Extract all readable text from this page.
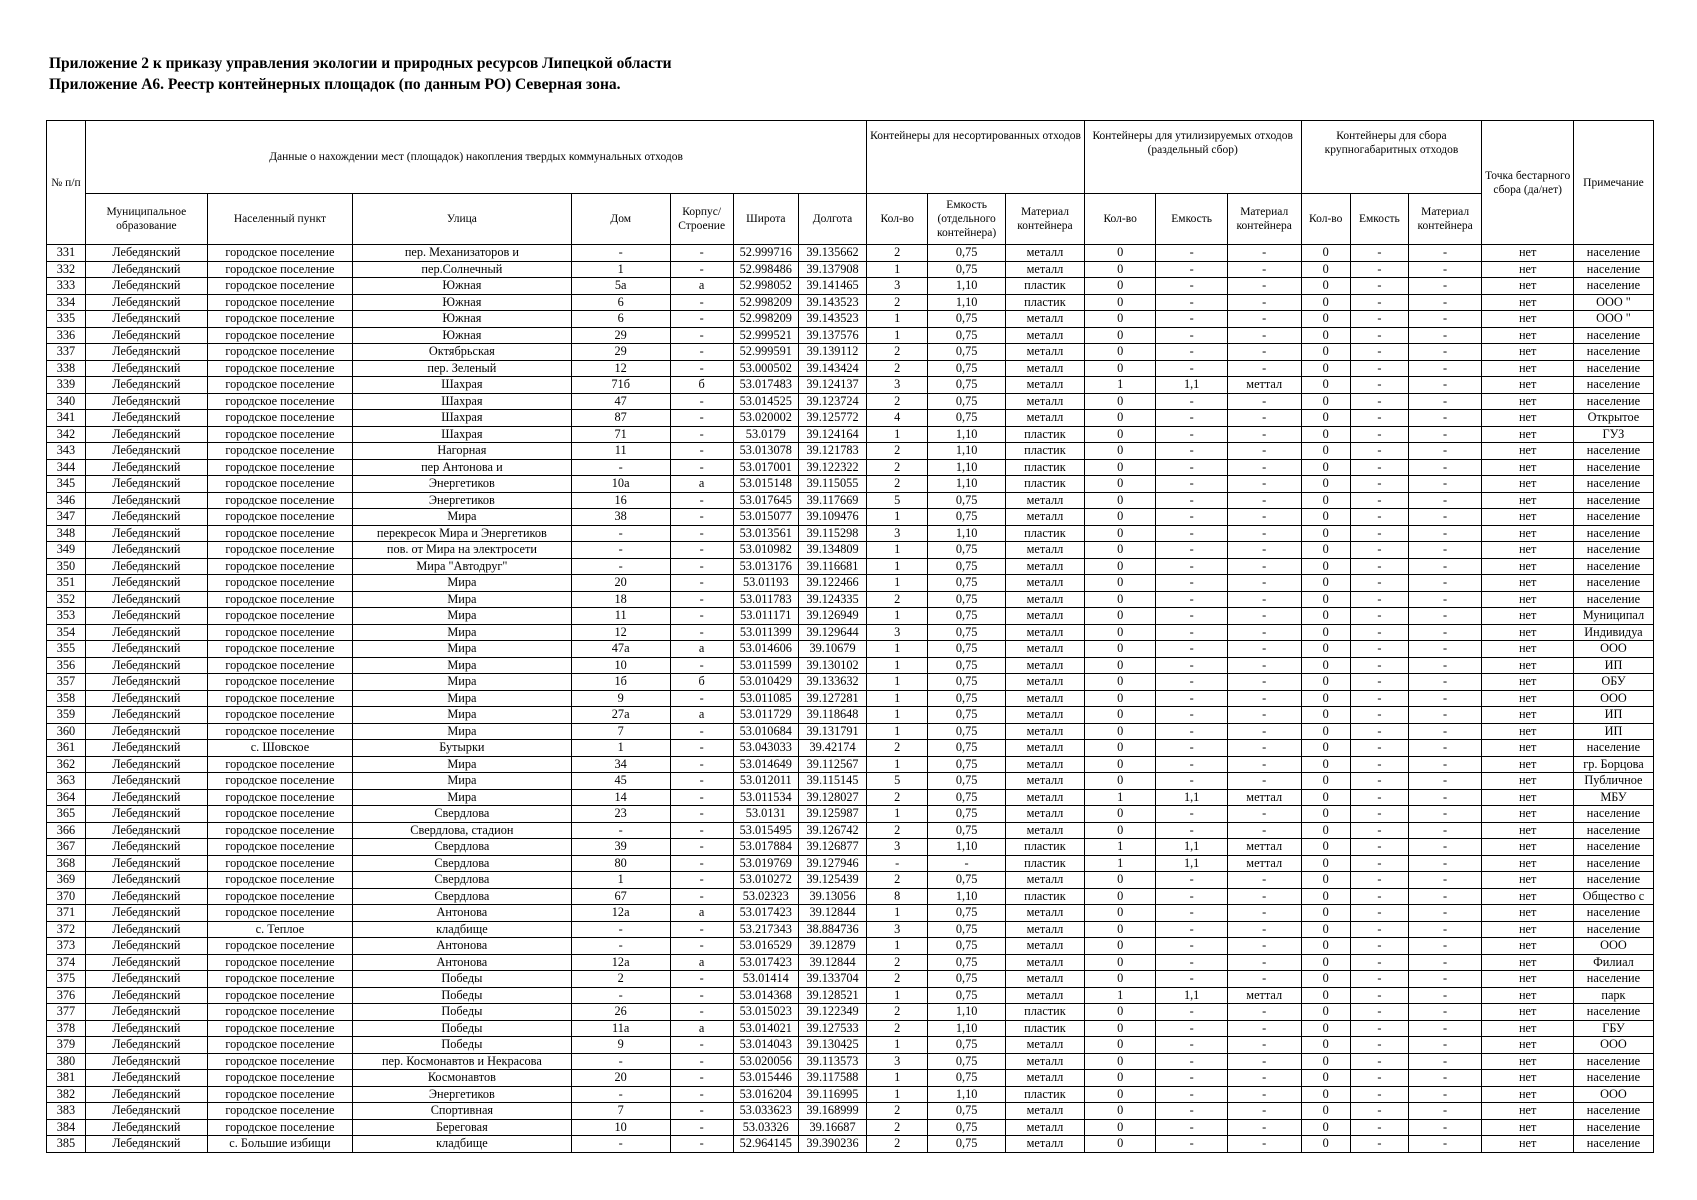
Приложение 2 к приказу управления экологии и природных ресурсов Липецкой области
Приложение А6. Реестр контейнерных площадок (по данным РО) Северная зона.
№ п/п	Данные о нахождении мест (площадок) накопления твердых коммунальных отходов							Контейнеры для несортированных отходов			Контейнеры для утилизируемых отходов (раздельный сбор)			Контейнеры для сбора крупногабаритных отходов			Точка бестарного сбора (да/нет)	Примечание
	Муниципальное образование	Населенный пункт	Улица	Дом	Корпус/ Строение	Широта	Долгота	Кол-во	Емкость (отдельного контейнера)	Материал контейнера	Кол-во	Емкость	Материал контейнера	Кол-во	Емкость	Материал контейнера		
331	Лебедянский	городское поселение	пер. Механизаторов и	-	-	52.999716	39.135662	2	0,75	металл	0	-	-	0	-	-	нет	население
332	Лебедянский	городское поселение	пер.Солнечный	1	-	52.998486	39.137908	1	0,75	металл	0	-	-	0	-	-	нет	население
333	Лебедянский	городское поселение	Южная	5а	а	52.998052	39.141465	3	1,10	пластик	0	-	-	0	-	-	нет	население
334	Лебедянский	городское поселение	Южная	6	-	52.998209	39.143523	2	1,10	пластик	0	-	-	0	-	-	нет	ООО "
335	Лебедянский	городское поселение	Южная	6	-	52.998209	39.143523	1	0,75	металл	0	-	-	0	-	-	нет	ООО "
336	Лебедянский	городское поселение	Южная	29	-	52.999521	39.137576	1	0,75	металл	0	-	-	0	-	-	нет	население
337	Лебедянский	городское поселение	Октябрьская	29	-	52.999591	39.139112	2	0,75	металл	0	-	-	0	-	-	нет	население
338	Лебедянский	городское поселение	пер. Зеленый	12	-	53.000502	39.143424	2	0,75	металл	0	-	-	0	-	-	нет	население
339	Лебедянский	городское поселение	Шахрая	71б	б	53.017483	39.124137	3	0,75	металл	1	1,1	меттал	0	-	-	нет	население
340	Лебедянский	городское поселение	Шахрая	47	-	53.014525	39.123724	2	0,75	металл	0	-	-	0	-	-	нет	население
341	Лебедянский	городское поселение	Шахрая	87	-	53.020002	39.125772	4	0,75	металл	0	-	-	0	-	-	нет	Открытое
342	Лебедянский	городское поселение	Шахрая	71	-	53.0179	39.124164	1	1,10	пластик	0	-	-	0	-	-	нет	ГУЗ
343	Лебедянский	городское поселение	Нагорная	11	-	53.013078	39.121783	2	1,10	пластик	0	-	-	0	-	-	нет	население
344	Лебедянский	городское поселение	пер Антонова и	-	-	53.017001	39.122322	2	1,10	пластик	0	-	-	0	-	-	нет	население
345	Лебедянский	городское поселение	Энергетиков	10а	а	53.015148	39.115055	2	1,10	пластик	0	-	-	0	-	-	нет	население
346	Лебедянский	городское поселение	Энергетиков	16	-	53.017645	39.117669	5	0,75	металл	0	-	-	0	-	-	нет	население
347	Лебедянский	городское поселение	Мира	38	-	53.015077	39.109476	1	0,75	металл	0	-	-	0	-	-	нет	население
348	Лебедянский	городское поселение	перекресок Мира и Энергетиков	-	-	53.013561	39.115298	3	1,10	пластик	0	-	-	0	-	-	нет	население
349	Лебедянский	городское поселение	пов. от Мира на электросети	-	-	53.010982	39.134809	1	0,75	металл	0	-	-	0	-	-	нет	население
350	Лебедянский	городское поселение	Мира "Автодруг"	-	-	53.013176	39.116681	1	0,75	металл	0	-	-	0	-	-	нет	население
351	Лебедянский	городское поселение	Мира	20	-	53.01193	39.122466	1	0,75	металл	0	-	-	0	-	-	нет	население
352	Лебедянский	городское поселение	Мира	18	-	53.011783	39.124335	2	0,75	металл	0	-	-	0	-	-	нет	население
353	Лебедянский	городское поселение	Мира	11	-	53.011171	39.126949	1	0,75	металл	0	-	-	0	-	-	нет	Муниципал
354	Лебедянский	городское поселение	Мира	12	-	53.011399	39.129644	3	0,75	металл	0	-	-	0	-	-	нет	Индивидуа
355	Лебедянский	городское поселение	Мира	47а	а	53.014606	39.10679	1	0,75	металл	0	-	-	0	-	-	нет	ООО
356	Лебедянский	городское поселение	Мира	10	-	53.011599	39.130102	1	0,75	металл	0	-	-	0	-	-	нет	ИП
357	Лебедянский	городское поселение	Мира	1б	б	53.010429	39.133632	1	0,75	металл	0	-	-	0	-	-	нет	ОБУ
358	Лебедянский	городское поселение	Мира	9	-	53.011085	39.127281	1	0,75	металл	0	-	-	0	-	-	нет	ООО
359	Лебедянский	городское поселение	Мира	27а	а	53.011729	39.118648	1	0,75	металл	0	-	-	0	-	-	нет	ИП
360	Лебедянский	городское поселение	Мира	7	-	53.010684	39.131791	1	0,75	металл	0	-	-	0	-	-	нет	ИП
361	Лебедянский	с. Шовское	Бутырки	1	-	53.043033	39.42174	2	0,75	металл	0	-	-	0	-	-	нет	население
362	Лебедянский	городское поселение	Мира	34	-	53.014649	39.112567	1	0,75	металл	0	-	-	0	-	-	нет	гр. Борцова
363	Лебедянский	городское поселение	Мира	45	-	53.012011	39.115145	5	0,75	металл	0	-	-	0	-	-	нет	Публичное
364	Лебедянский	городское поселение	Мира	14	-	53.011534	39.128027	2	0,75	металл	1	1,1	меттал	0	-	-	нет	МБУ
365	Лебедянский	городское поселение	Свердлова	23	-	53.0131	39.125987	1	0,75	металл	0	-	-	0	-	-	нет	население
366	Лебедянский	городское поселение	Свердлова, стадион	-	-	53.015495	39.126742	2	0,75	металл	0	-	-	0	-	-	нет	население
367	Лебедянский	городское поселение	Свердлова	39	-	53.017884	39.126877	3	1,10	пластик	1	1,1	меттал	0	-	-	нет	население
368	Лебедянский	городское поселение	Свердлова	80	-	53.019769	39.127946	-	-	пластик	1	1,1	меттал	0	-	-	нет	население
369	Лебедянский	городское поселение	Свердлова	1	-	53.010272	39.125439	2	0,75	металл	0	-	-	0	-	-	нет	население
370	Лебедянский	городское поселение	Свердлова	67	-	53.02323	39.13056	8	1,10	пластик	0	-	-	0	-	-	нет	Общество с
371	Лебедянский	городское поселение	Антонова	12а	а	53.017423	39.12844	1	0,75	металл	0	-	-	0	-	-	нет	население
372	Лебедянский	с. Теплое	кладбище	-	-	53.217343	38.884736	3	0,75	металл	0	-	-	0	-	-	нет	население
373	Лебедянский	городское поселение	Антонова	-	-	53.016529	39.12879	1	0,75	металл	0	-	-	0	-	-	нет	ООО
374	Лебедянский	городское поселение	Антонова	12а	а	53.017423	39.12844	2	0,75	металл	0	-	-	0	-	-	нет	Филиал
375	Лебедянский	городское поселение	Победы	2	-	53.01414	39.133704	2	0,75	металл	0	-	-	0	-	-	нет	население
376	Лебедянский	городское поселение	Победы	-	-	53.014368	39.128521	1	0,75	металл	1	1,1	меттал	0	-	-	нет	парк
377	Лебедянский	городское поселение	Победы	26	-	53.015023	39.122349	2	1,10	пластик	0	-	-	0	-	-	нет	население
378	Лебедянский	городское поселение	Победы	11а	а	53.014021	39.127533	2	1,10	пластик	0	-	-	0	-	-	нет	ГБУ
379	Лебедянский	городское поселение	Победы	9	-	53.014043	39.130425	1	0,75	металл	0	-	-	0	-	-	нет	ООО
380	Лебедянский	городское поселение	пер. Космонавтов и Некрасова	-	-	53.020056	39.113573	3	0,75	металл	0	-	-	0	-	-	нет	население
381	Лебедянский	городское поселение	Космонавтов	20	-	53.015446	39.117588	1	0,75	металл	0	-	-	0	-	-	нет	население
382	Лебедянский	городское поселение	Энергетиков	-	-	53.016204	39.116995	1	1,10	пластик	0	-	-	0	-	-	нет	ООО
383	Лебедянский	городское поселение	Спортивная	7	-	53.033623	39.168999	2	0,75	металл	0	-	-	0	-	-	нет	население
384	Лебедянский	городское поселение	Береговая	10	-	53.03326	39.16687	2	0,75	металл	0	-	-	0	-	-	нет	население
385	Лебедянский	с. Большие избищи	кладбище	-	-	52.964145	39.390236	2	0,75	металл	0	-	-	0	-	-	нет	население
